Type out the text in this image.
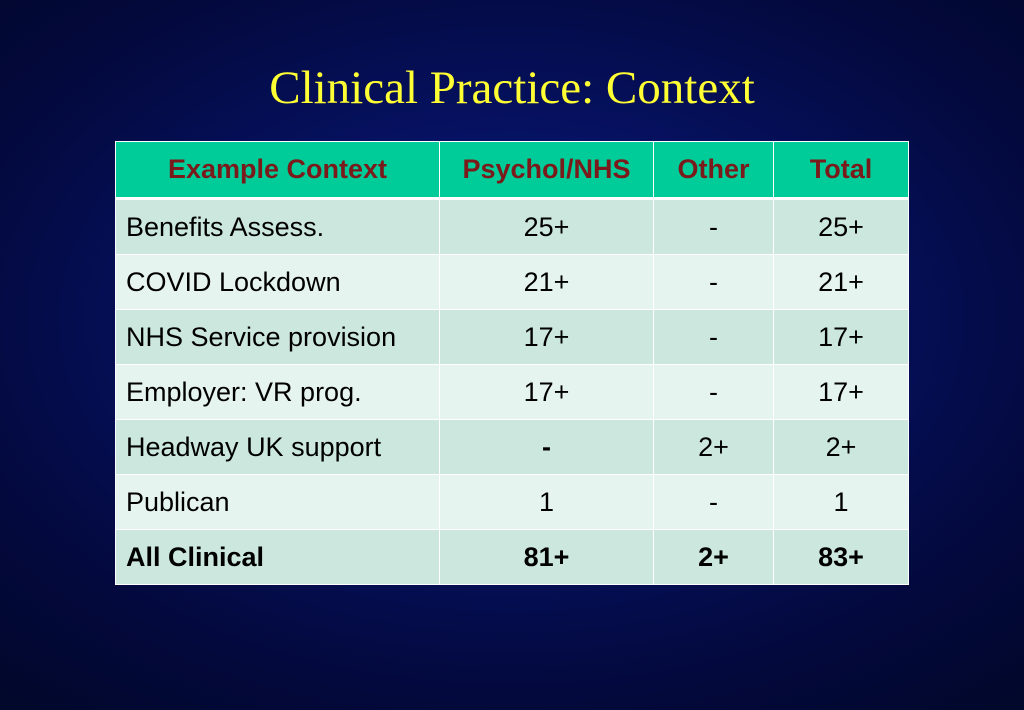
Clinical Practice: Context
Example Context	Psychol/NHS	Other	Total
Benefits Assess.	25+	-	25+
COVID Lockdown	21+	-	21+
NHS Service provision	17+	-	17+
Employer: VR prog.	17+	-	17+
Headway UK support	-	2+	2+
Publican	1	-	1
All Clinical	81+	2+	83+
